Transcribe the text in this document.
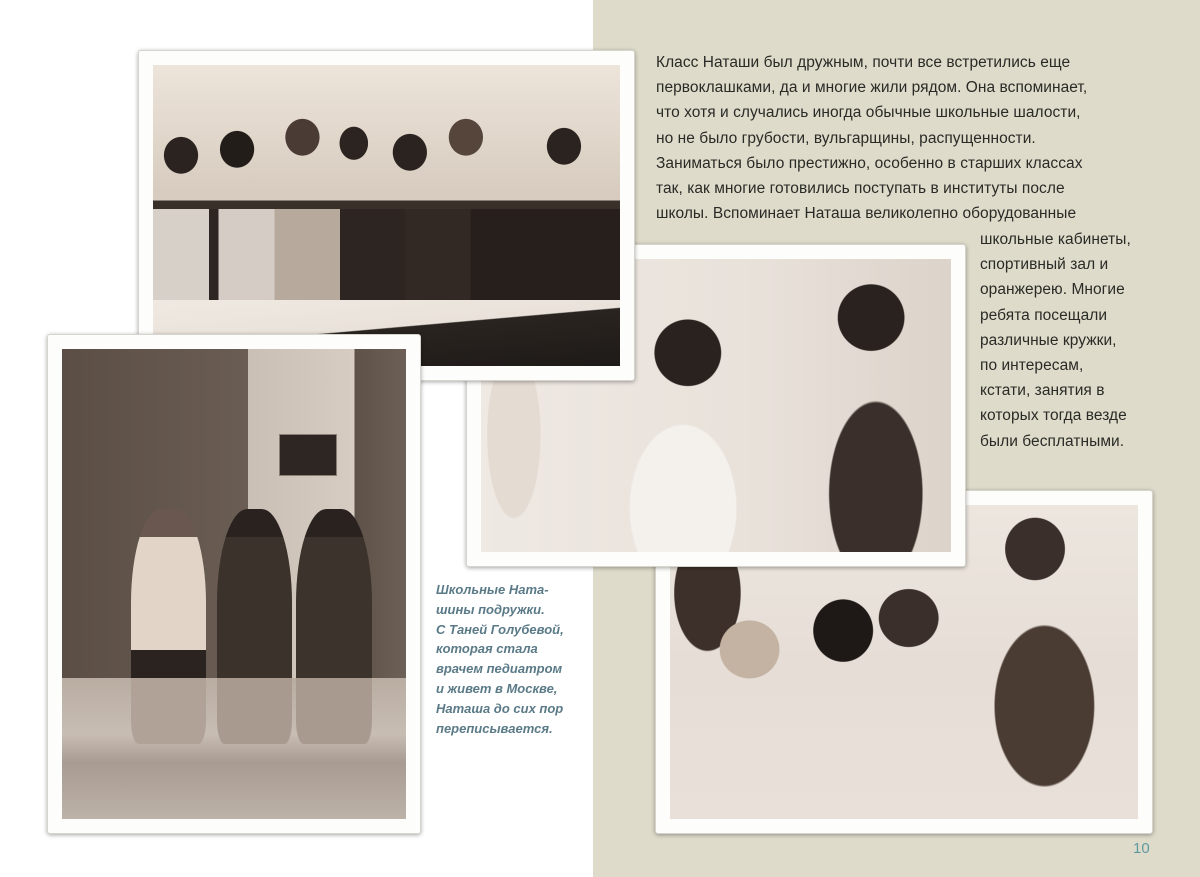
Класс Наташи был дружным, почти все встретились еще
первоклашками, да и многие жили рядом. Она вспоминает,
что хотя и случались иногда обычные школьные шалости,
но не было грубости, вульгарщины, распущенности.
Заниматься было престижно, особенно в старших классах
так, как многие готовились поступать в институты после
школы. Вспоминает Наташа великолепно оборудованные
школьные кабинеты,
спортивный зал и
оранжерею. Многие
ребята посещали
различные кружки,
по интересам,
кстати, занятия в
которых тогда везде
были бесплатными.
Школьные Ната-
шины подружки.
С Таней Голубевой,
которая стала
врачем педиатром
и живет в Москве,
Наташа до сих пор
переписывается.
10
